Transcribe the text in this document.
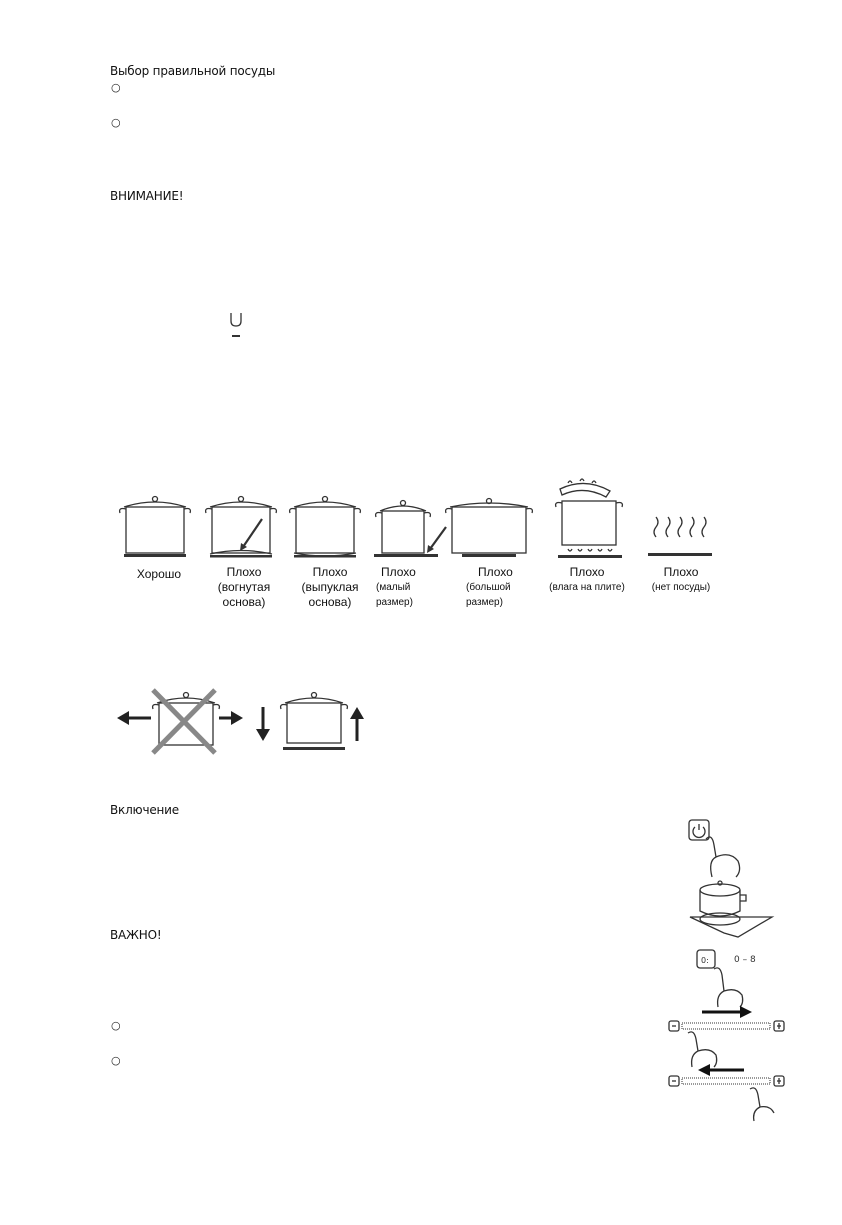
Выбор правильной посуды
○
○
ВНИМАНИЕ!
Хорошо	Плохо
(вогнутая
основа)
Плохо
(выпуклая
основа)
Плохо
(малый
размер)
Плохо
(большой
размер)
Плохо
(влага на плите)
Плохо
(нет посуды)
Включение
ВАЖНО!
○
○
0:	0 – 8
